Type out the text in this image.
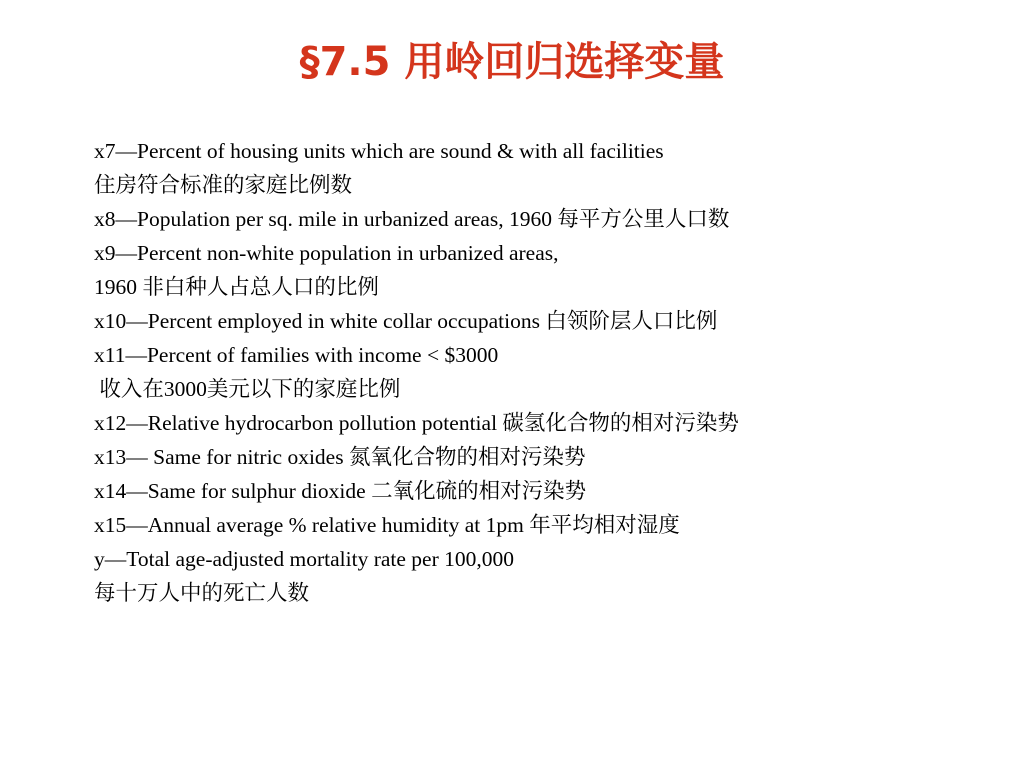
§7.5 用岭回归选择变量
x7—Percent of housing units which are sound & with all facilities
住房符合标准的家庭比例数
x8—Population per sq. mile in urbanized areas, 1960 每平方公里人口数
x9—Percent non-white population in urbanized areas,
1960 非白种人占总人口的比例
x10—Percent employed in white collar occupations 白领阶层人口比例
x11—Percent of families with income < $3000
收入在3000美元以下的家庭比例
x12—Relative hydrocarbon pollution potential 碳氢化合物的相对污染势
x13— Same for nitric oxides 氮氧化合物的相对污染势
x14—Same for sulphur dioxide 二氧化硫的相对污染势
x15—Annual average % relative humidity at 1pm 年平均相对湿度
y—Total age-adjusted mortality rate per 100,000
每十万人中的死亡人数
